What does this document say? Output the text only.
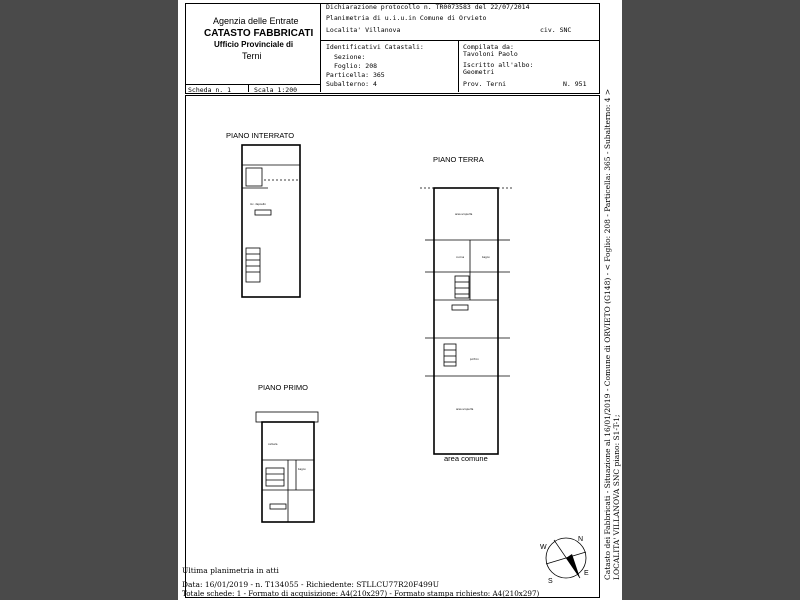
Agenzia delle Entrate
CATASTO FABBRICATI
Ufficio Provinciale di
Terni
Dichiarazione protocollo n. TR0073583 del 22/07/2014
Planimetria di u.i.u.in Comune di Orvieto
Localita' Villanova	civ. SNC
Identificativi Catastali:
Sezione:
Foglio: 208
Particella: 365
Subalterno: 4
Compilata da:
Tavoloni Paolo
Iscritto all'albo:
Geometri
Prov. Terni	N. 951
Scheda n. 1	Scala 1:200
loc. deposito
area scoperta
cucina	bagno
portico
area scoperta
camera
bagno
PIANO INTERRATO
PIANO TERRA
PIANO PRIMO
area comune
N
W
E
S
Catasto dei Fabbricati - Situazione al 16/01/2019 - Comune di ORVIETO (G148) - < Foglio: 208 - Particella: 365 - Subalterno: 4 > LOCALITA' VILLANOVA SNC piano: S1-T-1;
Ultima planimetria in atti
Data: 16/01/2019 - n. T134055 - Richiedente: STLLCU77R20F499U
Totale schede: 1 - Formato di acquisizione: A4(210x297) - Formato stampa richiesto: A4(210x297)
